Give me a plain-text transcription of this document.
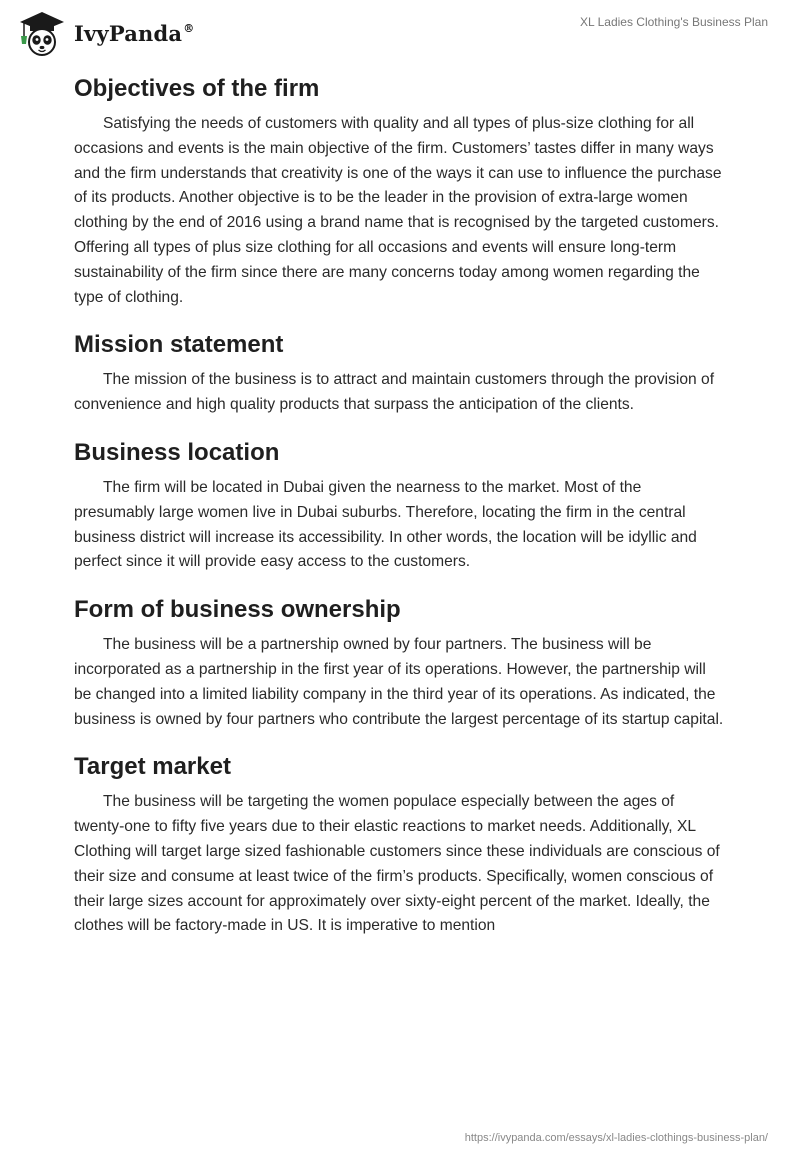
IvyPanda®	XL Ladies Clothing's Business Plan
Objectives of the firm

Satisfying the needs of customers with quality and all types of plus-size clothing for all occasions and events is the main objective of the firm. Customers’ tastes differ in many ways and the firm understands that creativity is one of the ways it can use to influence the purchase of its products. Another objective is to be the leader in the provision of extra-large women clothing by the end of 2016 using a brand name that is recognised by the targeted customers. Offering all types of plus size clothing for all occasions and events will ensure long-term sustainability of the firm since there are many concerns today among women regarding the type of clothing.

Mission statement

The mission of the business is to attract and maintain customers through the provision of convenience and high quality products that surpass the anticipation of the clients.

Business location

The firm will be located in Dubai given the nearness to the market. Most of the presumably large women live in Dubai suburbs. Therefore, locating the firm in the central business district will increase its accessibility. In other words, the location will be idyllic and perfect since it will provide easy access to the customers.

Form of business ownership

The business will be a partnership owned by four partners. The business will be incorporated as a partnership in the first year of its operations. However, the partnership will be changed into a limited liability company in the third year of its operations. As indicated, the business is owned by four partners who contribute the largest percentage of its startup capital.

Target market

The business will be targeting the women populace especially between the ages of twenty-one to fifty five years due to their elastic reactions to market needs. Additionally, XL Clothing will target large sized fashionable customers since these individuals are conscious of their size and consume at least twice of the firm’s products. Specifically, women conscious of their large sizes account for approximately over sixty-eight percent of the market. Ideally, the clothes will be factory-made in US. It is imperative to mention

https://ivypanda.com/essays/xl-ladies-clothings-business-plan/
